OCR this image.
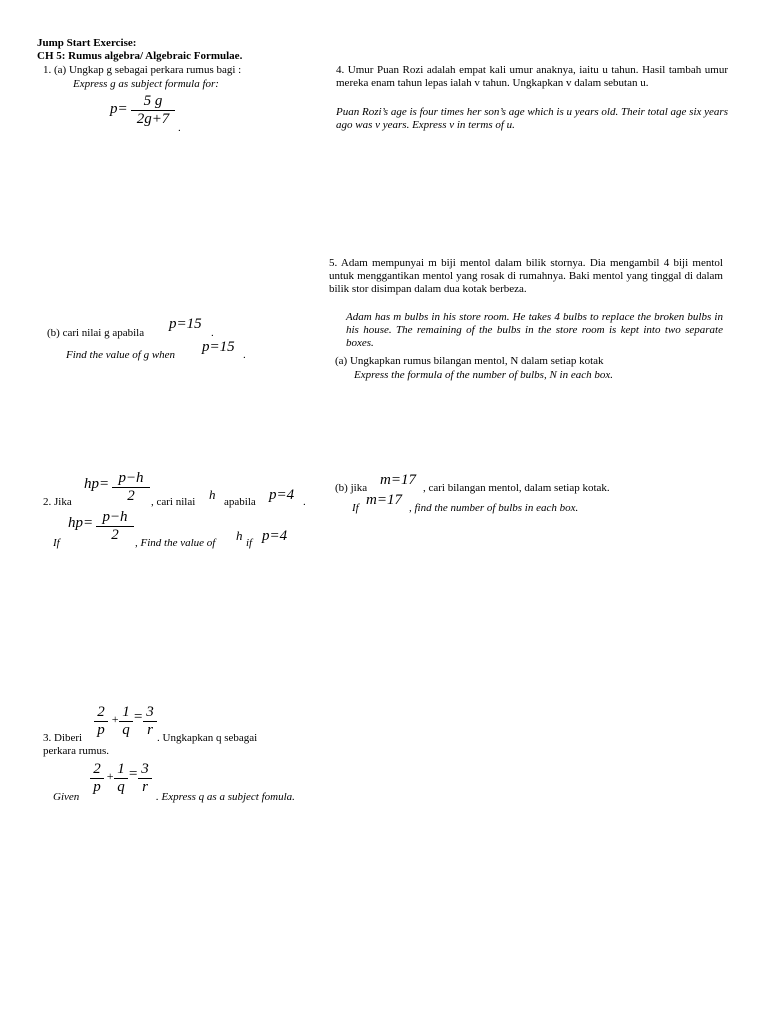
Jump Start Exercise:
CH 5: Rumus algebra/ Algebraic Formulae.
1. (a) Ungkap g sebagai perkara rumus bagi :
Express g as subject formula for:
$p= \frac{5 g}{2g+7}$ .
(b) cari nilai g apabila
p=15
.
Find the value of g when p=15 .
2. Jika
$hp= \frac{p-h}{2}$ , cari nilai h apabila p=4 .
If
$hp= \frac{p-h}{2}$ , Find the value of h if p=4
$\frac{2}{p} + \frac{1}{q} = \frac{3}{r}$
3. Diberi	. Ungkapkan q sebagai
perkara rumus.
$\frac{2}{p} + \frac{1}{q} = \frac{3}{r}$
Given	. Express q as a subject fomula.
4. Umur Puan Rozi adalah empat kali umur anaknya, iaitu u tahun. Hasil tambah umur mereka enam tahun lepas ialah v tahun. Ungkapkan v dalam sebutan u.
Puan Rozi’s age is four times her son’s age which is u years old. Their total age six years ago was v years. Express v in terms of u.
5. Adam mempunyai m biji mentol dalam bilik stornya. Dia mengambil 4 biji mentol untuk menggantikan mentol yang rosak di rumahnya. Baki mentol yang tinggal di dalam bilik stor disimpan dalam dua kotak berbeza.
Adam has m bulbs in his store room. He takes 4 bulbs to replace the broken bulbs in his house. The remaining of the bulbs in the store room is kept into two separate boxes.
(a) Ungkapkan rumus bilangan mentol, N dalam setiap kotak
Express the formula of the number of bulbs, N in each box.
(b) jika m=17 , cari bilangan mentol, dalam setiap kotak.
If m=17 , find the number of bulbs in each box.
